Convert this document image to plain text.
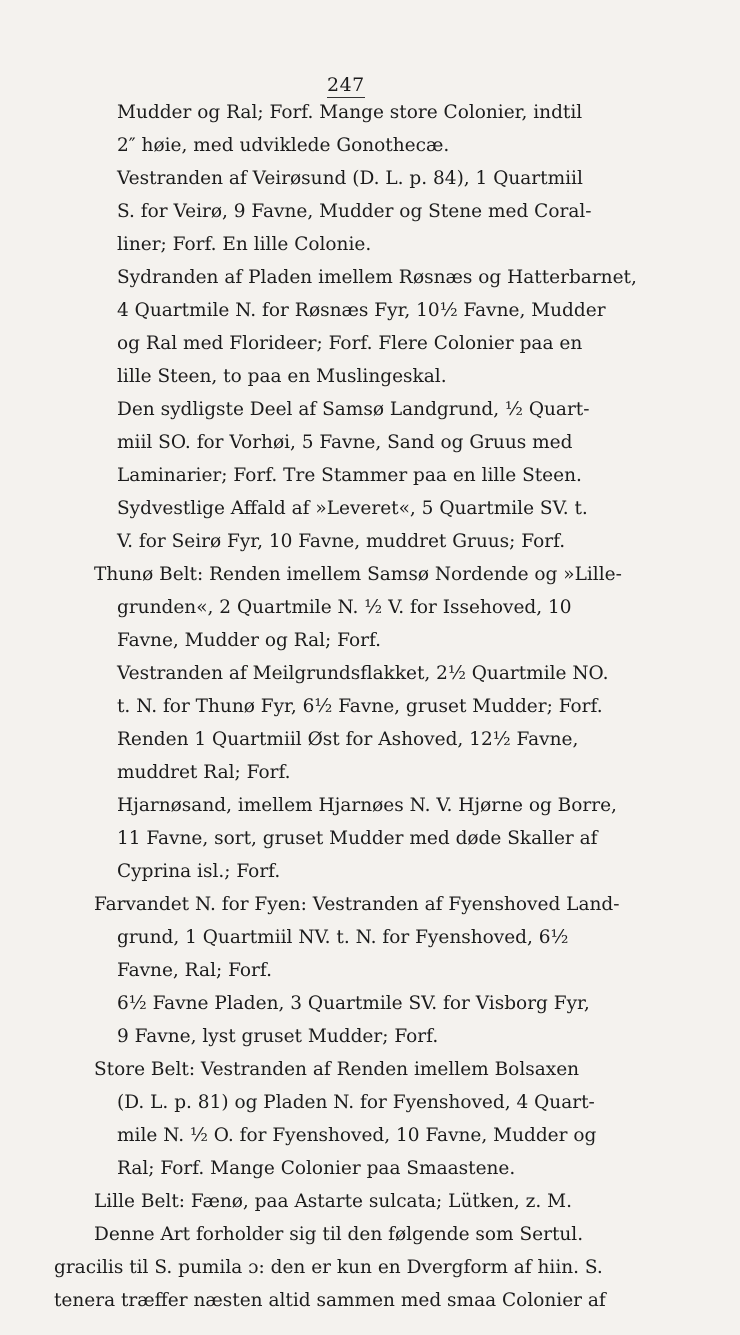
247
Mudder og Ral; Forf. Mange store Colonier, indtil
2″ høie, med udviklede Gonothecæ.
Vestranden af Veirøsund (D. L. p. 84), 1 Quartmiil
S. for Veirø, 9 Favne, Mudder og Stene med Coral-
liner; Forf. En lille Colonie.
Sydranden af Pladen imellem Røsnæs og Hatterbarnet,
4 Quartmile N. for Røsnæs Fyr, 10½ Favne, Mudder
og Ral med Florideer; Forf. Flere Colonier paa en
lille Steen, to paa en Muslingeskal.
Den sydligste Deel af Samsø Landgrund, ½ Quart-
miil SO. for Vorhøi, 5 Favne, Sand og Gruus med
Laminarier; Forf. Tre Stammer paa en lille Steen.
Sydvestlige Affald af »Leveret«, 5 Quartmile SV. t.
V. for Seirø Fyr, 10 Favne, muddret Gruus; Forf.
Thunø Belt: Renden imellem Samsø Nordende og »Lille-
grunden«, 2 Quartmile N. ½ V. for Issehoved, 10
Favne, Mudder og Ral; Forf.
Vestranden af Meilgrundsflakket, 2½ Quartmile NO.
t. N. for Thunø Fyr, 6½ Favne, gruset Mudder; Forf.
Renden 1 Quartmiil Øst for Ashoved, 12½ Favne,
muddret Ral; Forf.
Hjarnøsand, imellem Hjarnøes N. V. Hjørne og Borre,
11 Favne, sort, gruset Mudder med døde Skaller af
Cyprina isl.; Forf.
Farvandet N. for Fyen: Vestranden af Fyenshoved Land-
grund, 1 Quartmiil NV. t. N. for Fyenshoved, 6½
Favne, Ral; Forf.
6½ Favne Pladen, 3 Quartmile SV. for Visborg Fyr,
9 Favne, lyst gruset Mudder; Forf.
Store Belt: Vestranden af Renden imellem Bolsaxen
(D. L. p. 81) og Pladen N. for Fyenshoved, 4 Quart-
mile N. ½ O. for Fyenshoved, 10 Favne, Mudder og
Ral; Forf. Mange Colonier paa Smaastene.
Lille Belt: Fænø, paa Astarte sulcata; Lütken, z. M.
Denne Art forholder sig til den følgende som Sertul.
gracilis til S. pumila ɔ: den er kun en Dvergform af hiin. S.
tenera træffer næsten altid sammen med smaa Colonier af
